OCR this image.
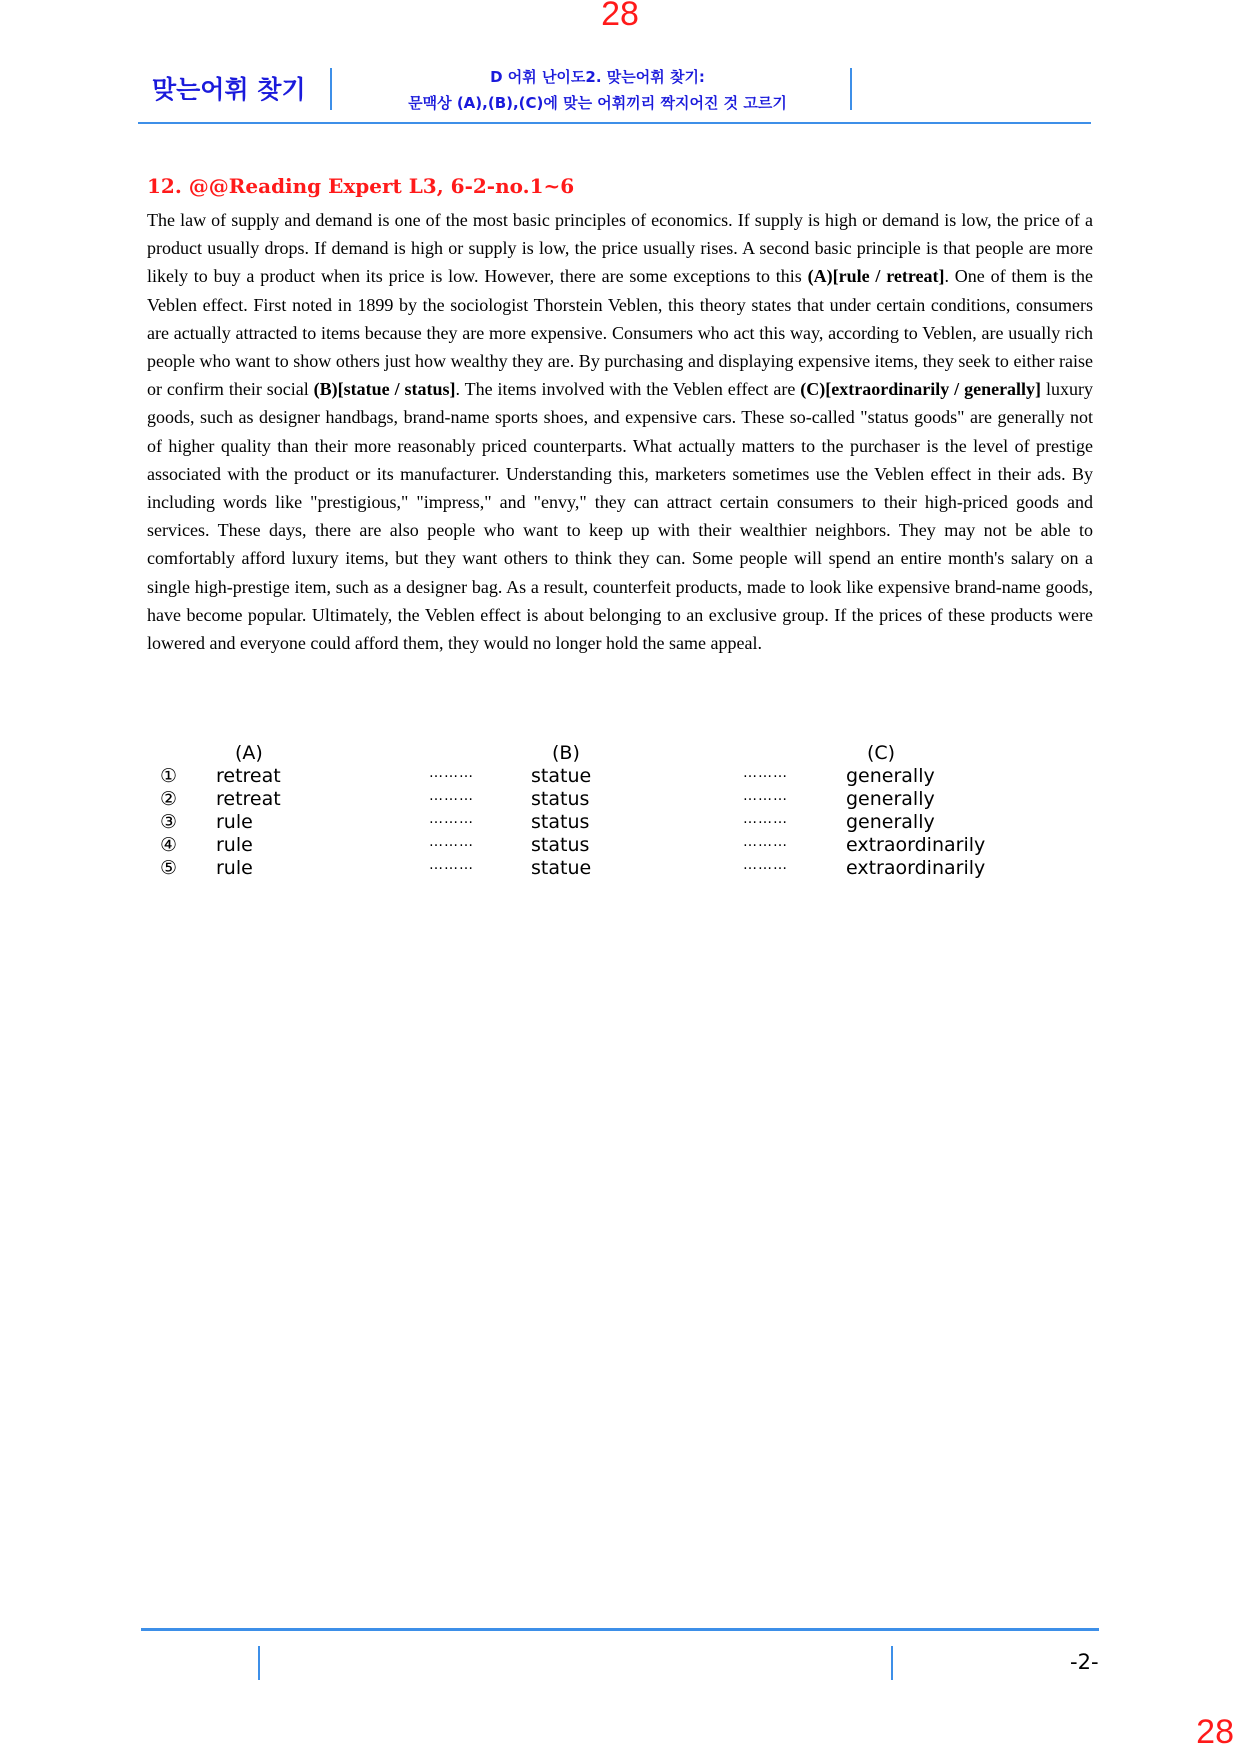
28
맞는어휘 찾기	D 어휘 난이도2. 맞는어휘 찾기:
문맥상 (A),(B),(C)에 맞는 어휘끼리 짝지어진 것 고르기
12. @@Reading Expert L3, 6-2-no.1~6
The law of supply and demand is one of the most basic principles of economics. If supply is high or demand is low, the price of a product usually drops. If demand is high or supply is low, the price usually rises. A second basic principle is that people are more likely to buy a product when its price is low. However, there are some exceptions to this (A)[rule / retreat]. One of them is the Veblen effect. First noted in 1899 by the sociologist Thorstein Veblen, this theory states that under certain conditions, consumers are actually attracted to items because they are more expensive. Consumers who act this way, according to Veblen, are usually rich people who want to show others just how wealthy they are. By purchasing and displaying expensive items, they seek to either raise or confirm their social (B)[statue / status]. The items involved with the Veblen effect are (C)[extraordinarily / generally] luxury goods, such as designer handbags, brand-name sports shoes, and expensive cars. These so-called "status goods" are generally not of higher quality than their more reasonably priced counterparts. What actually matters to the purchaser is the level of prestige associated with the product or its manufacturer. Understanding this, marketers sometimes use the Veblen effect in their ads. By including words like "prestigious," "impress," and "envy," they can attract certain consumers to their high-priced goods and services. These days, there are also people who want to keep up with their wealthier neighbors. They may not be able to comfortably afford luxury items, but they want others to think they can. Some people will spend an entire month's salary on a single high-prestige item, such as a designer bag. As a result, counterfeit products, made to look like expensive brand-name goods, have become popular. Ultimately, the Veblen effect is about belonging to an exclusive group. If the prices of these products were lowered and everyone could afford them, they would no longer hold the same appeal.
(A)	(B)	(C)
① retreat	………	statue	………	generally
② retreat	………	status	………	generally
③ rule	………	status	………	generally
④ rule	………	status	………	extraordinarily
⑤ rule	………	statue	………	extraordinarily
-2-
28
